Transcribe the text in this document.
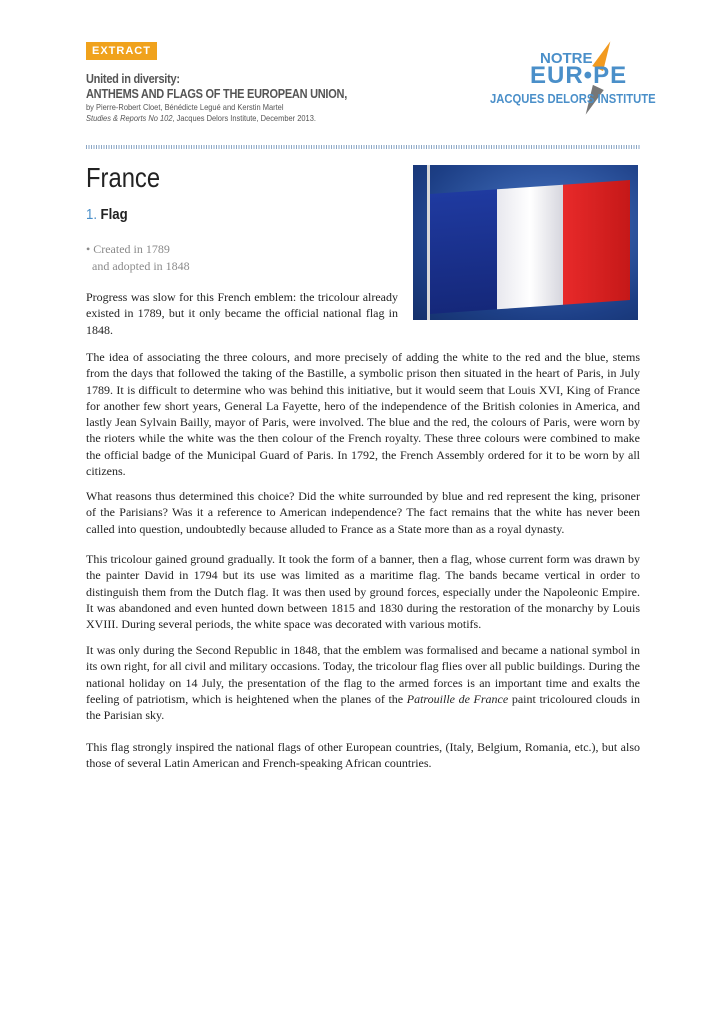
EXTRACT
United in diversity:
ANTHEMS AND FLAGS OF THE EUROPEAN UNION,
by Pierre-Robert Cloet, Bénédicte Legué and Kerstin Martel
Studies & Reports No 102, Jacques Delors Institute, December 2013.
NOTRE
EUR•PE
JACQUES DELORS INSTITUTE
France
1. Flag
• Created in 1789
and adopted in 1848

Progress was slow for this French emblem: the tricolour already existed in 1789, but it only became the official national flag in 1848.

The idea of associating the three colours, and more precisely of adding the white to the red and the blue, stems from the days that followed the taking of the Bastille, a symbolic prison then situated in the heart of Paris, in July 1789. It is difficult to determine who was behind this initiative, but it would seem that Louis XVI, King of France for another few short years, General La Fayette, hero of the independence of the British colonies in America, and lastly Jean Sylvain Bailly, mayor of Paris, were involved. The blue and the red, the colours of Paris, were worn by the rioters while the white was the then colour of the French royalty. These three colours were combined to make the official badge of the Municipal Guard of Paris. In 1792, the French Assembly ordered for it to be worn by all citizens.

What reasons thus determined this choice? Did the white surrounded by blue and red represent the king, prisoner of the Parisians? Was it a reference to American independence? The fact remains that the white has never been called into question, undoubtedly because alluded to France as a State more than as a royal dynasty.

This tricolour gained ground gradually. It took the form of a banner, then a flag, whose current form was drawn by the painter David in 1794 but its use was limited as a maritime flag. The bands became vertical in order to distinguish them from the Dutch flag. It was then used by ground forces, especially under the Napoleonic Empire. It was abandoned and even hunted down between 1815 and 1830 during the restoration of the monarchy by Louis XVIII. During several periods, the white space was decorated with various motifs.

It was only during the Second Republic in 1848, that the emblem was formalised and became a national symbol in its own right, for all civil and military occasions. Today, the tricolour flag flies over all public buildings. During the national holiday on 14 July, the presentation of the flag to the armed forces is an important time and exalts the feeling of patriotism, which is heightened when the planes of the Patrouille de France paint tricoloured clouds in the Parisian sky.

This flag strongly inspired the national flags of other European countries, (Italy, Belgium, Romania, etc.), but also those of several Latin American and French-speaking African countries.
